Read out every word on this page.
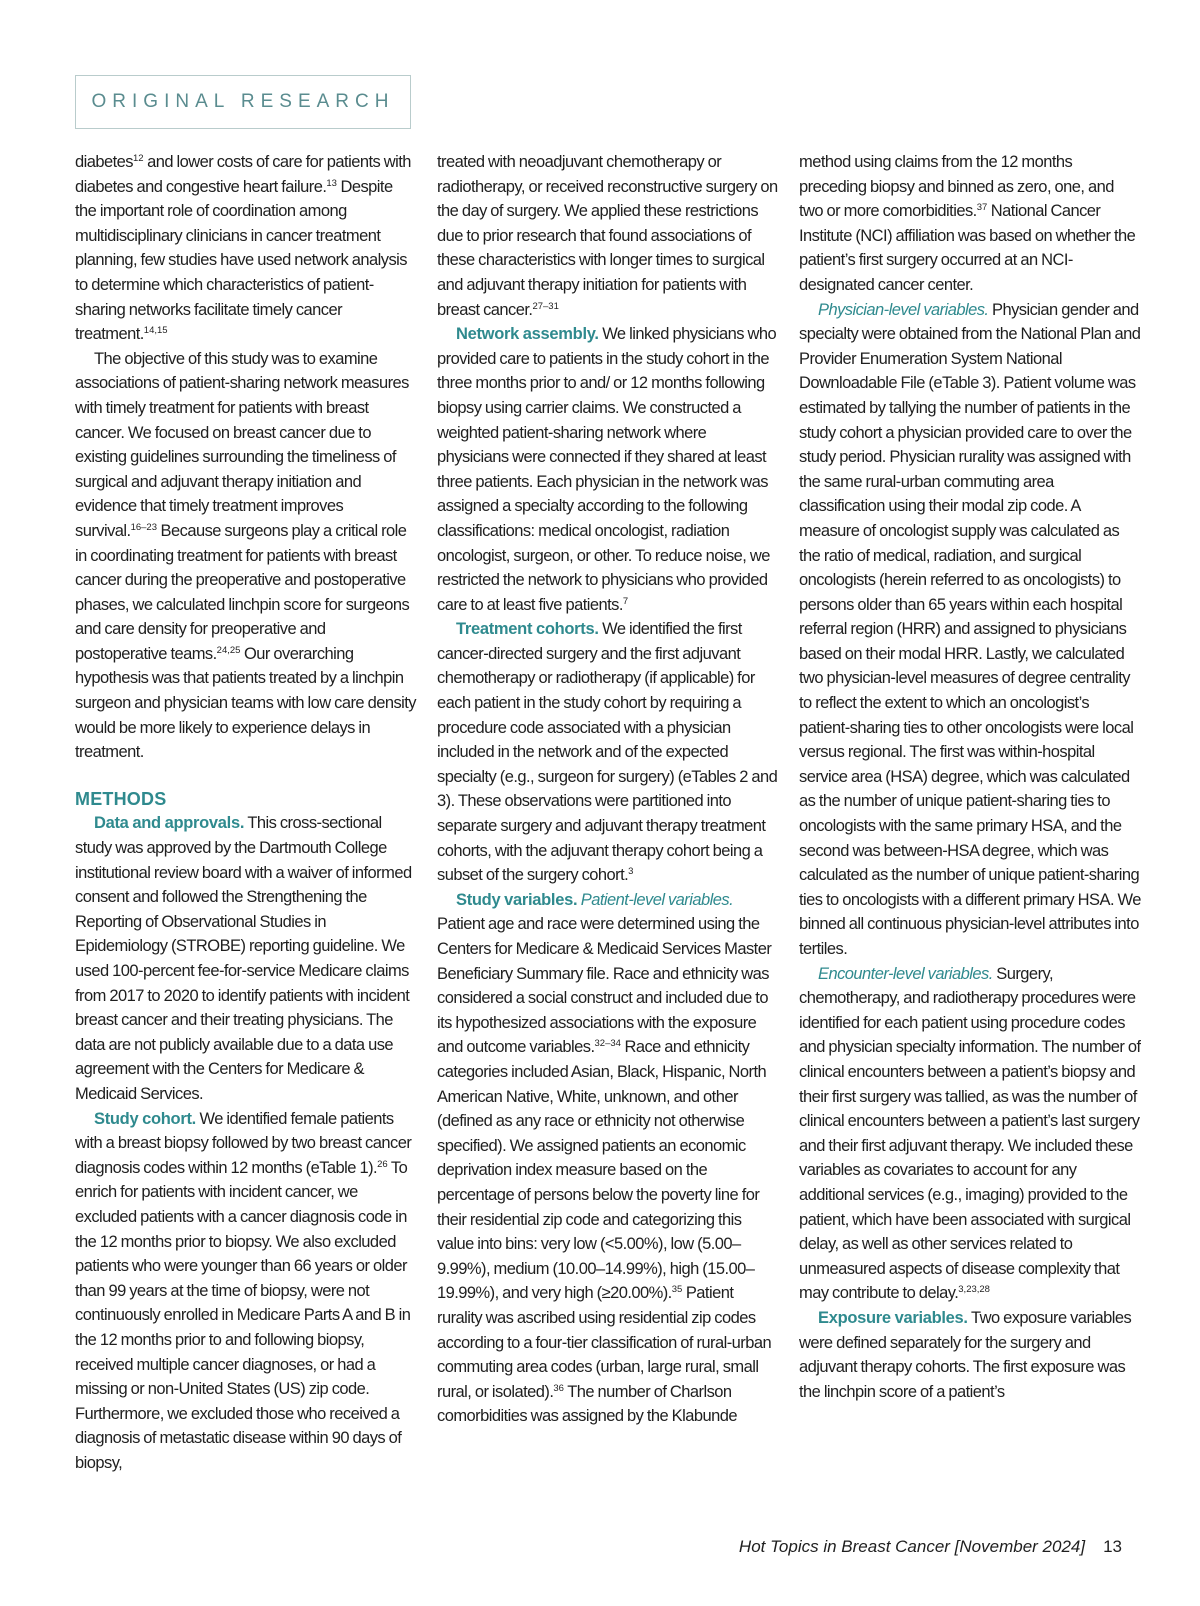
ORIGINAL RESEARCH

diabetes$^{12}$ and lower costs of care for patients with diabetes and congestive heart failure.$^{13}$ Despite the important role of coordination among multidisciplinary clinicians in cancer treatment planning, few studies have used network analysis to determine which characteristics of patient-sharing networks facilitate timely cancer treatment.$^{14,15}$

The objective of this study was to examine associations of patient-sharing network measures with timely treatment for patients with breast cancer. We focused on breast cancer due to existing guidelines surrounding the timeliness of surgical and adjuvant therapy initiation and evidence that timely treatment improves survival.$^{16-23}$ Because surgeons play a critical role in coordinating treatment for patients with breast cancer during the preoperative and postoperative phases, we calculated linchpin score for surgeons and care density for preoperative and postoperative teams.$^{24,25}$ Our overarching hypothesis was that patients treated by a linchpin surgeon and physician teams with low care density would be more likely to experience delays in treatment.

METHODS

Data and approvals. This cross-sectional study was approved by the Dartmouth College institutional review board with a waiver of informed consent and followed the Strengthening the Reporting of Observational Studies in Epidemiology (STROBE) reporting guideline. We used 100-percent fee-for-service Medicare claims from 2017 to 2020 to identify patients with incident breast cancer and their treating physicians. The data are not publicly available due to a data use agreement with the Centers for Medicare & Medicaid Services.

Study cohort. We identified female patients with a breast biopsy followed by two breast cancer diagnosis codes within 12 months (eTable 1).$^{26}$ To enrich for patients with incident cancer, we excluded patients with a cancer diagnosis code in the 12 months prior to biopsy. We also excluded patients who were younger than 66 years or older than 99 years at the time of biopsy, were not continuously enrolled in Medicare Parts A and B in the 12 months prior to and following biopsy, received multiple cancer diagnoses, or had a missing or non-United States (US) zip code. Furthermore, we excluded those who received a diagnosis of metastatic disease within 90 days of biopsy,

treated with neoadjuvant chemotherapy or radiotherapy, or received reconstructive surgery on the day of surgery. We applied these restrictions due to prior research that found associations of these characteristics with longer times to surgical and adjuvant therapy initiation for patients with breast cancer.$^{27-31}$

Network assembly. We linked physicians who provided care to patients in the study cohort in the three months prior to and/ or 12 months following biopsy using carrier claims. We constructed a weighted patient-sharing network where physicians were connected if they shared at least three patients. Each physician in the network was assigned a specialty according to the following classifications: medical oncologist, radiation oncologist, surgeon, or other. To reduce noise, we restricted the network to physicians who provided care to at least five patients.$^7$

Treatment cohorts. We identified the first cancer-directed surgery and the first adjuvant chemotherapy or radiotherapy (if applicable) for each patient in the study cohort by requiring a procedure code associated with a physician included in the network and of the expected specialty (e.g., surgeon for surgery) (eTables 2 and 3). These observations were partitioned into separate surgery and adjuvant therapy treatment cohorts, with the adjuvant therapy cohort being a subset of the surgery cohort.$^3$

Study variables. Patient-level variables. Patient age and race were determined using the Centers for Medicare & Medicaid Services Master Beneficiary Summary file. Race and ethnicity was considered a social construct and included due to its hypothesized associations with the exposure and outcome variables.$^{32-34}$ Race and ethnicity categories included Asian, Black, Hispanic, North American Native, White, unknown, and other (defined as any race or ethnicity not otherwise specified). We assigned patients an economic deprivation index measure based on the percentage of persons below the poverty line for their residential zip code and categorizing this value into bins: very low (<5.00%), low (5.00–9.99%), medium (10.00–14.99%), high (15.00–19.99%), and very high (≥20.00%).$^{35}$ Patient rurality was ascribed using residential zip codes according to a four-tier classification of rural-urban commuting area codes (urban, large rural, small rural, or isolated).$^{36}$ The number of Charlson comorbidities was assigned by the Klabunde

method using claims from the 12 months preceding biopsy and binned as zero, one, and two or more comorbidities.$^{37}$ National Cancer Institute (NCI) affiliation was based on whether the patient’s first surgery occurred at an NCI-designated cancer center.

Physician-level variables. Physician gender and specialty were obtained from the National Plan and Provider Enumeration System National Downloadable File (eTable 3). Patient volume was estimated by tallying the number of patients in the study cohort a physician provided care to over the study period. Physician rurality was assigned with the same rural-urban commuting area classification using their modal zip code. A measure of oncologist supply was calculated as the ratio of medical, radiation, and surgical oncologists (herein referred to as oncologists) to persons older than 65 years within each hospital referral region (HRR) and assigned to physicians based on their modal HRR. Lastly, we calculated two physician-level measures of degree centrality to reflect the extent to which an oncologist’s patient-sharing ties to other oncologists were local versus regional. The first was within-hospital service area (HSA) degree, which was calculated as the number of unique patient-sharing ties to oncologists with the same primary HSA, and the second was between-HSA degree, which was calculated as the number of unique patient-sharing ties to oncologists with a different primary HSA. We binned all continuous physician-level attributes into tertiles.

Encounter-level variables. Surgery, chemotherapy, and radiotherapy procedures were identified for each patient using procedure codes and physician specialty information. The number of clinical encounters between a patient’s biopsy and their first surgery was tallied, as was the number of clinical encounters between a patient’s last surgery and their first adjuvant therapy. We included these variables as covariates to account for any additional services (e.g., imaging) provided to the patient, which have been associated with surgical delay, as well as other services related to unmeasured aspects of disease complexity that may contribute to delay.$^{3,23,28}$

Exposure variables. Two exposure variables were defined separately for the surgery and adjuvant therapy cohorts. The first exposure was the linchpin score of a patient’s

Hot Topics in Breast Cancer [November 2024] 13
